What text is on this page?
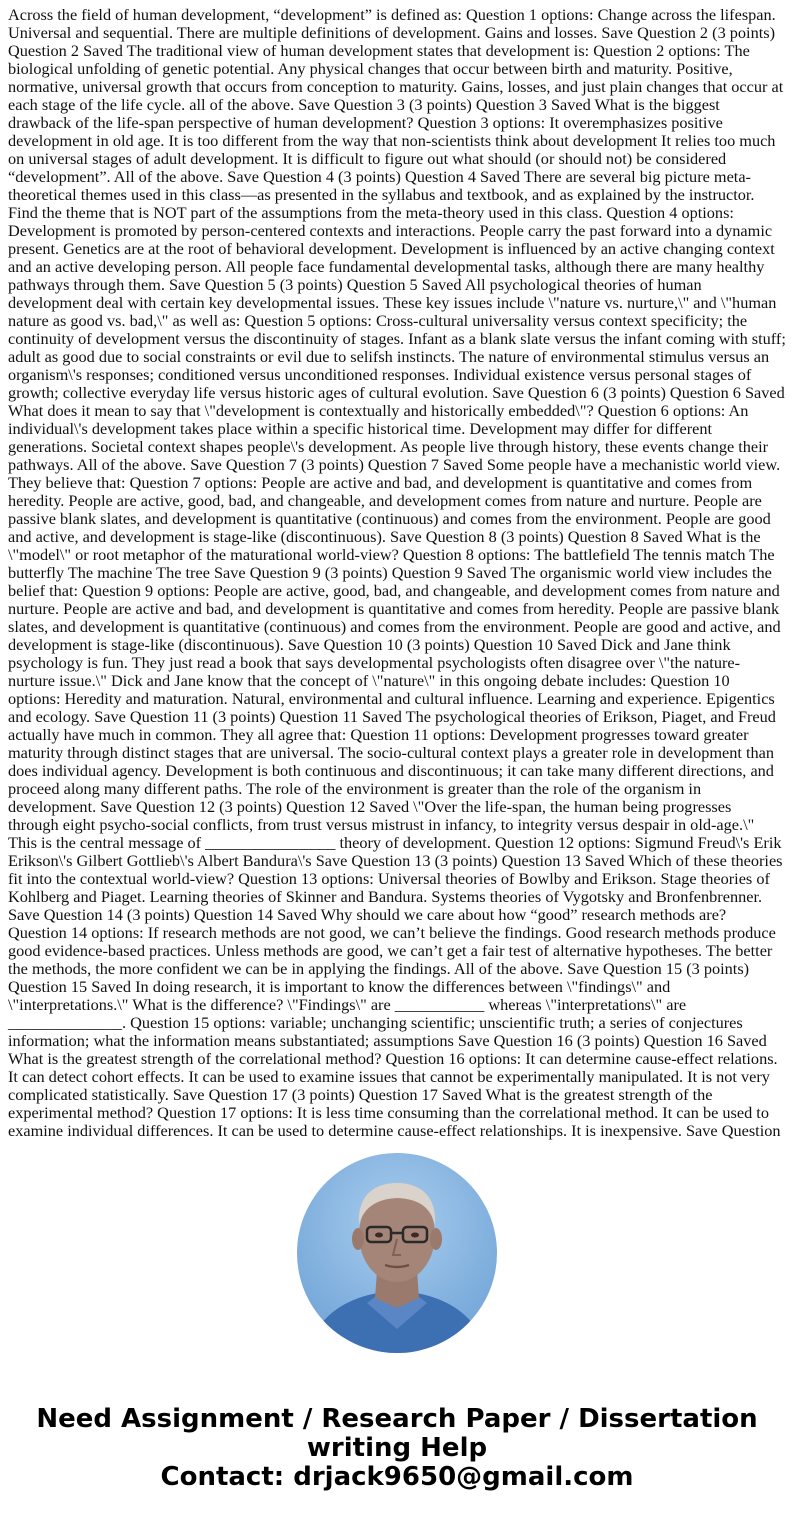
Across the field of human development, “development” is defined as: Question 1 options: Change across the lifespan. Universal and sequential. There are multiple definitions of development. Gains and losses. Save Question 2 (3 points) Question 2 Saved The traditional view of human development states that development is: Question 2 options: The biological unfolding of genetic potential. Any physical changes that occur between birth and maturity. Positive, normative, universal growth that occurs from conception to maturity. Gains, losses, and just plain changes that occur at each stage of the life cycle. all of the above. Save Question 3 (3 points) Question 3 Saved What is the biggest drawback of the life-span perspective of human development? Question 3 options: It overemphasizes positive development in old age. It is too different from the way that non-scientists think about development It relies too much on universal stages of adult development. It is difficult to figure out what should (or should not) be considered “development”. All of the above. Save Question 4 (3 points) Question 4 Saved There are several big picture meta-theoretical themes used in this class—as presented in the syllabus and textbook, and as explained by the instructor. Find the theme that is NOT part of the assumptions from the meta-theory used in this class. Question 4 options: Development is promoted by person-centered contexts and interactions. People carry the past forward into a dynamic present. Genetics are at the root of behavioral development. Development is influenced by an active changing context and an active developing person. All people face fundamental developmental tasks, although there are many healthy pathways through them. Save Question 5 (3 points) Question 5 Saved All psychological theories of human development deal with certain key developmental issues. These key issues include \"nature vs. nurture,\" and \"human nature as good vs. bad,\" as well as: Question 5 options: Cross-cultural universality versus context specificity; the continuity of development versus the discontinuity of stages. Infant as a blank slate versus the infant coming with stuff; adult as good due to social constraints or evil due to selifsh instincts. The nature of environmental stimulus versus an organism\'s responses; conditioned versus unconditioned responses. Individual existence versus personal stages of growth; collective everyday life versus historic ages of cultural evolution. Save Question 6 (3 points) Question 6 Saved What does it mean to say that \"development is contextually and historically embedded\"? Question 6 options: An individual\'s development takes place within a specific historical time. Development may differ for different generations. Societal context shapes people\'s development. As people live through history, these events change their pathways. All of the above. Save Question 7 (3 points) Question 7 Saved Some people have a mechanistic world view. They believe that: Question 7 options: People are active and bad, and development is quantitative and comes from heredity. People are active, good, bad, and changeable, and development comes from nature and nurture. People are passive blank slates, and development is quantitative (continuous) and comes from the environment. People are good and active, and development is stage-like (discontinuous). Save Question 8 (3 points) Question 8 Saved What is the \"model\" or root metaphor of the maturational world-view? Question 8 options: The battlefield The tennis match The butterfly The machine The tree Save Question 9 (3 points) Question 9 Saved The organismic world view includes the belief that: Question 9 options: People are active, good, bad, and changeable, and development comes from nature and nurture. People are active and bad, and development is quantitative and comes from heredity. People are passive blank slates, and development is quantitative (continuous) and comes from the environment. People are good and active, and development is stage-like (discontinuous). Save Question 10 (3 points) Question 10 Saved Dick and Jane think psychology is fun. They just read a book that says developmental psychologists often disagree over \"the nature-nurture issue.\" Dick and Jane know that the concept of \"nature\" in this ongoing debate includes: Question 10 options: Heredity and maturation. Natural, environmental and cultural influence. Learning and experience. Epigentics and ecology. Save Question 11 (3 points) Question 11 Saved The psychological theories of Erikson, Piaget, and Freud actually have much in common. They all agree that: Question 11 options: Development progresses toward greater maturity through distinct stages that are universal. The socio-cultural context plays a greater role in development than does individual agency. Development is both continuous and discontinuous; it can take many different directions, and proceed along many different paths. The role of the environment is greater than the role of the organism in development. Save Question 12 (3 points) Question 12 Saved \"Over the life-span, the human being progresses through eight psycho-social conflicts, from trust versus mistrust in infancy, to integrity versus despair in old-age.\" This is the central message of ________________ theory of development. Question 12 options: Sigmund Freud\'s Erik Erikson\'s Gilbert Gottlieb\'s Albert Bandura\'s Save Question 13 (3 points) Question 13 Saved Which of these theories fit into the contextual world-view? Question 13 options: Universal theories of Bowlby and Erikson. Stage theories of Kohlberg and Piaget. Learning theories of Skinner and Bandura. Systems theories of Vygotsky and Bronfenbrenner. Save Question 14 (3 points) Question 14 Saved Why should we care about how “good” research methods are? Question 14 options: If research methods are not good, we can’t believe the findings. Good research methods produce good evidence-based practices. Unless methods are good, we can’t get a fair test of alternative hypotheses. The better the methods, the more confident we can be in applying the findings. All of the above. Save Question 15 (3 points) Question 15 Saved In doing research, it is important to know the differences between \"findings\" and \"interpretations.\" What is the difference? \"Findings\" are ___________ whereas \"interpretations\" are ______________. Question 15 options: variable; unchanging scientific; unscientific truth; a series of conjectures information; what the information means substantiated; assumptions Save Question 16 (3 points) Question 16 Saved What is the greatest strength of the correlational method? Question 16 options: It can determine cause-effect relations. It can detect cohort effects. It can be used to examine issues that cannot be experimentally manipulated. It is not very complicated statistically. Save Question 17 (3 points) Question 17 Saved What is the greatest strength of the experimental method? Question 17 options: It is less time consuming than the correlational method. It can be used to examine individual differences. It can be used to determine cause-effect relationships. It is inexpensive. Save Question

Need Assignment / Research Paper / Dissertation
writing Help
Contact: drjack9650@gmail.com
